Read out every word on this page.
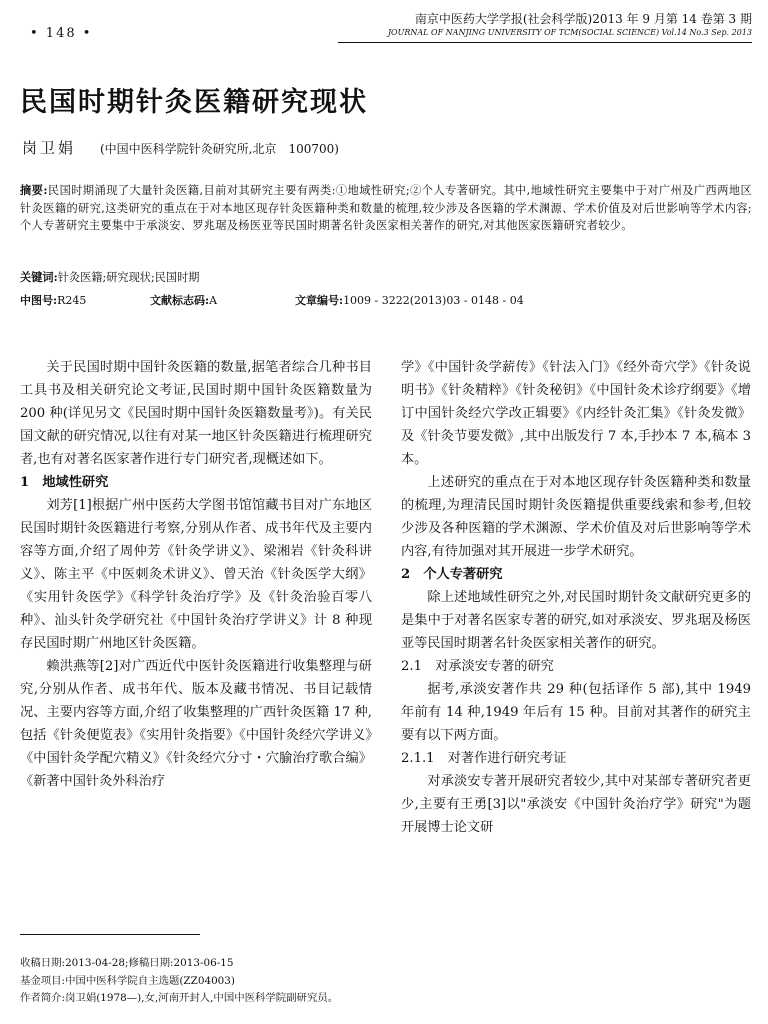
• 148 •
南京中医药大学学报(社会科学版)2013 年 9 月第 14 卷第 3 期
JOURNAL OF NANJING UNIVERSITY OF TCM(SOCIAL SCIENCE) Vol.14 No.3 Sep. 2013
民国时期针灸医籍研究现状
岗卫娟 (中国中医科学院针灸研究所,北京　100700)
摘要:民国时期涌现了大量针灸医籍,目前对其研究主要有两类:①地域性研究;②个人专著研究。其中,地域性研究主要集中于对广州及广西两地区针灸医籍的研究,这类研究的重点在于对本地区现存针灸医籍种类和数量的梳理,较少涉及各医籍的学术渊源、学术价值及对后世影响等学术内容;个人专著研究主要集中于承淡安、罗兆琚及杨医亚等民国时期著名针灸医家相关著作的研究,对其他医家医籍研究者较少。
关键词:针灸医籍;研究现状;民国时期
中图号:R245	文献标志码:A	文章编号:1009 - 3222(2013)03 - 0148 - 04

关于民国时期中国针灸医籍的数量,据笔者综合几种书目工具书及相关研究论文考证,民国时期中国针灸医籍数量为 200 种(详见另文《民国时期中国针灸医籍数量考》)。有关民国文献的研究情况,以往有对某一地区针灸医籍进行梳理研究者,也有对著名医家著作进行专门研究者,现概述如下。

1　地域性研究

刘芳[1]根据广州中医药大学图书馆馆藏书目对广东地区民国时期针灸医籍进行考察,分别从作者、成书年代及主要内容等方面,介绍了周仲芳《针灸学讲义》、梁湘岩《针灸科讲义》、陈主平《中医刺灸术讲义》、曾天治《针灸医学大纲》《实用针灸医学》《科学针灸治疗学》及《针灸治验百零八种》、汕头针灸学研究社《中国针灸治疗学讲义》计 8 种现存民国时期广州地区针灸医籍。

赖洪燕等[2]对广西近代中医针灸医籍进行收集整理与研究,分别从作者、成书年代、版本及藏书情况、书目记载情况、主要内容等方面,介绍了收集整理的广西针灸医籍 17 种,包括《针灸便览表》《实用针灸指要》《中国针灸经穴学讲义》《中国针灸学配穴精义》《针灸经穴分寸・穴腧治疗歌合编》《新著中国针灸外科治疗

学》《中国针灸学薪传》《针法入门》《经外奇穴学》《针灸说明书》《针灸精粹》《针灸秘钥》《中国针灸术诊疗纲要》《增订中国针灸经穴学改正辑要》《内经针灸汇集》《针灸发微》及《针灸节要发微》,其中出版发行 7 本,手抄本 7 本,稿本 3 本。

上述研究的重点在于对本地区现存针灸医籍种类和数量的梳理,为理清民国时期针灸医籍提供重要线索和参考,但较少涉及各种医籍的学术渊源、学术价值及对后世影响等学术内容,有待加强对其开展进一步学术研究。

2　个人专著研究

除上述地域性研究之外,对民国时期针灸文献研究更多的是集中于对著名医家专著的研究,如对承淡安、罗兆琚及杨医亚等民国时期著名针灸医家相关著作的研究。

2.1　对承淡安专著的研究

据考,承淡安著作共 29 种(包括译作 5 部),其中 1949 年前有 14 种,1949 年后有 15 种。目前对其著作的研究主要有以下两方面。

2.1.1　对著作进行研究考证

对承淡安专著开展研究者较少,其中对某部专著研究者更少,主要有王勇[3]以"承淡安《中国针灸治疗学》研究"为题开展博士论文研

收稿日期:2013-04-28;修稿日期:2013-06-15
基金项目:中国中医科学院自主选题(ZZ04003)
作者简介:岗卫娟(1978—),女,河南开封人,中国中医科学院副研究员。
